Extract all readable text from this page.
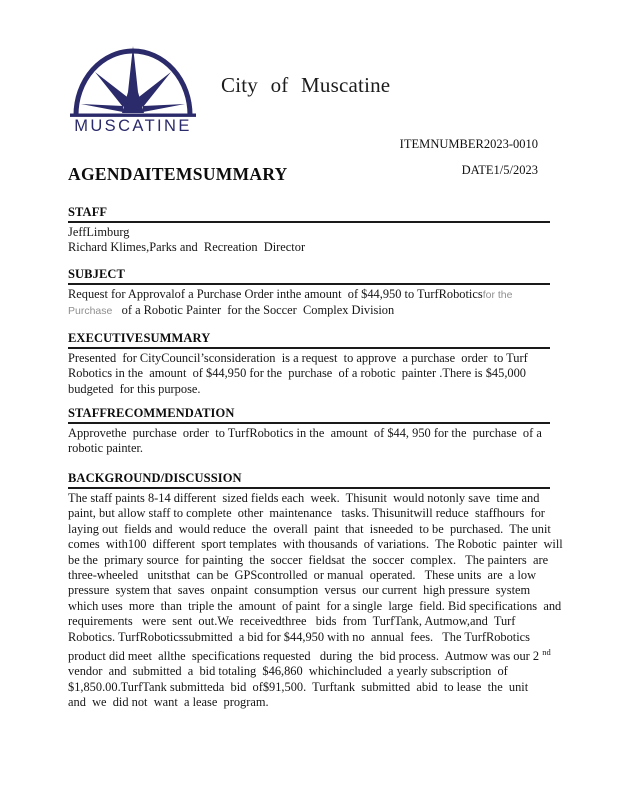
MUSCATINE
City of Muscatine
ITEM NUMBER2023-0010
AGENDA ITEM SUMMARY	DATE1/5/2023
STAFF
JeffLimburg
Richard Klimes,Parks and  Recreation  Director
SUBJECT
Request for Approvalof a Purchase Order inthe amount  of $44,950 to TurfRoboticsfor the
Purchase   of a Robotic Painter  for the Soccer  Complex Division
EXECUTIVE SUMMARY
Presented  for CityCouncil’sconsideration  is a request  to approve  a purchase  order  to Turf
Robotics in the  amount  of $44,950 for the  purchase  of a robotic  painter .There is $45,000
budgeted  for this purpose.
STAFF RECOMMENDATION
Approvethe  purchase  order  to TurfRobotics in the  amount  of $44, 950 for the  purchase  of a
robotic painter.
BACKGROUND/DISCUSSION
The staff paints 8-14 different  sized fields each  week.  Thisunit  would notonly save  time and
paint, but allow staff to complete  other  maintenance   tasks. Thisunitwill reduce  staffhours  for
laying out  fields and  would reduce  the  overall  paint  that  isneeded  to be  purchased.  The unit
comes  with100  different  sport templates  with thousands  of variations.  The Robotic  painter  will
be the  primary source  for painting  the  soccer  fieldsat  the  soccer  complex.   The painters  are
three-wheeled   unitsthat  can be  GPScontrolled  or manual  operated.   These units  are  a low
pressure  system that  saves  onpaint  consumption  versus  our current  high pressure  system
which uses  more  than  triple the  amount  of paint  for a single  large  field. Bid specifications  and
requirements   were  sent  out.We  receivedthree   bids  from  TurfTank, Autmow,and  Turf
Robotics. TurfRoboticssubmitted  a bid for $44,950 with no  annual  fees.   The TurfRobotics
product did meet  allthe  specifications requested   during  the  bid process.  Autmow was our 2 $^{nd}$
vendor  and  submitted  a  bid totaling  $46,860  whichincluded  a yearly subscription  of
$1,850.00.TurfTank submitteda  bid  of$91,500.  Turftank  submitted  abid  to lease  the  unit
and  we  did not  want  a lease  program.
